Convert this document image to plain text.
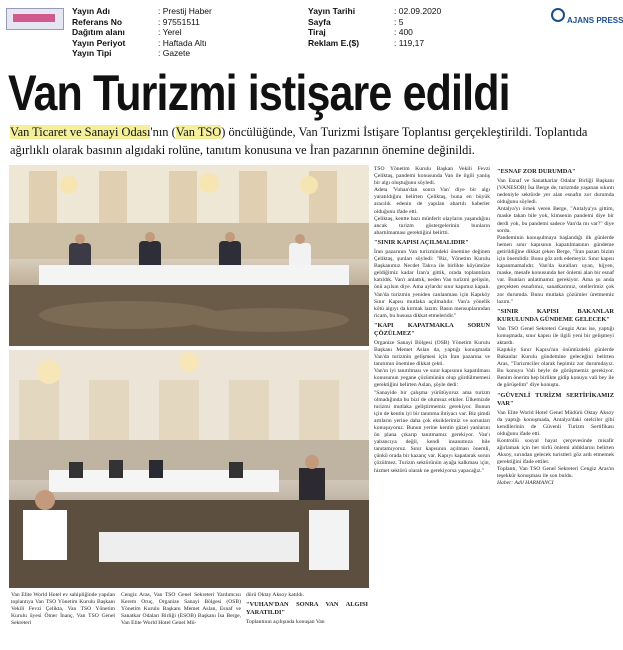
Yayın Adı	: Prestij Haber
Referans No	: 97551511
Dağıtım alanı	: Yerel
Yayın Periyot	: Haftada Altı
Yayın Tipi	: Gazete
Yayın Tarihi	: 02.09.2020
Sayfa	: 5
Tiraj	: 400
Reklam E.($)	: 119,17
AJANS PRESS
Van Turizmi istişare edildi
Van Ticaret ve Sanayi Odası'nın (Van TSO) öncülüğünde, Van Turizmi İstişare Toplantısı gerçekleştirildi. Toplantıda ağırlıklı olarak basının algıdaki rolüne, tanıtım konusuna ve İran pazarının önemine değinildi.
Van Elite World Hotel ev sahipliğinde yapılan toplantıya Van TSO Yönetim Kurulu Başkanı Vekili Fevzi Çelikta, Van TSO Yönetim Kurulu üyesi Ömer İnanç, Van TSO Genel Sekreteri
Cengiz Aras, Van TSO Genel Sekreteri Yardımcısı Kerem Oruç, Organize Sanayi Bölgesi (OSB) Yönetim Kurulu Başkanı Memet Aslan, Esnaf ve Sanatkar Odaları Birliği (ESOB) Başkanı İsa Berge, Van Elite World Hotel Genel Mü-
dürü Oktay Aksoy katıldı.
"VUHAN'DAN SONRA VAN ALGISI YARATILDI"
Toplantının açılışında konuşan Van
TSO Yönetim Kurulu Başkan Vekili Fevzi Çeliktaş, pandemi konusunda Van ile ilgili yanlış bir algı oluştuğunu söyledi.
Adeta 'Vuhan'dan sonra Van' diye bir algı yaratıldığını belirten Çeliktaş, buna en büyük aracılık edenin de yapılan abartılı haberler olduğunu ifade etti.
Çeliktaş, kentte bazı münferit olayların yaşandığını ancak turizm göstergelerinin bunların abartılmaması gerektiğini belirtti.
"SINIR KAPISI AÇILMALIDIR"
İran pazarının Van turizmindeki önemine değinen Çeliktaş, şunları söyledi: "Biz, Yönetim Kurulu Başkanımız Necdet Takva ile birlikte köyümüze geldiğimiz kadar İran'a gittik, orada toplantılara katıldık. Van'ı anlattık, neden Van turizmi gelişsin, önü açılsın diye. Ama aylardır sınır kapımız kapalı. Van'da turizmin yeniden canlanması için Kapıköy Sınır Kapısı mutlaka açılmalıdır. Van'a yönelik kötü algıyı da kırmak lazım. Basın mensuplarından ricam, bu hususa dikkat etmeleridir."
"KAPI KAPATMAKLA SORUN ÇÖZÜLMEZ"
Organize Sanayi Bölgesi (OSB) Yönetim Kurulu Başkanı Memet Aslan da, yaptığı konuşmada Van'da turizmin gelişmesi için İran pazarına ve tanıtımın önemine dikkat çekti.
Van'ın iyi tanıtılması ve sınır kapısının kapatılması konusunun yegane çözümünün olup gördülmemesi gerektiğini belirten Aslan, şöyle dedi:
"Sanayide bir çalışma yürütüyoruz ama turizm olmadığında bu bizi de olumsuz etkiler. Ülkemizde turizmi mutlaka geliştirmemiz gerekiyor. Bunun için de kentin iyi bir tanıtıma ihtiyacı var. Biz şimdi artıların yerine daha çok eksiklerimiz ve sorunları konuşuyoruz. Bunun yerine kentin güzel yanlarını ön plana çıkarıp tanıtmamız gerekiyor. Van'ı yabancıya değil, kendi insanımıza bile tanıtamıyoruz. Sınır kapısının açılması önemli, çünkü orada bir kazanç var. Kapıyı kapatarak sorun çözülmez. Turizm sektörünün ayağa kalkması için, hizmet sektörü olarak ne gerekiyorsa yapacağız."
"ESNAF ZOR DURUMDA"
Van Esnaf ve Sanatkarlar Odalar Birliği Başkanı (VANESOB) İsa Berge de, turizmde yaşanan sıkıntı nedeniyle sektörde yer alan esnafın zor durumda olduğunu söyledi.
Antalya'yı örnek veren Berge, "Antalya'ya gittim, maske takan bile yok, kimsenin pandemi diye bir derdi yok, bu pandemi sadece Van'da mı var?" diye sordu.
Pandeminin konuşulmaya başlandığı ilk günlerde hemen sınır kapısının kapatılmasının gündeme getirildiğine dikkat çeken Berge, "İran pazarı bizim için önemlidir. Bunu göz ardı edemeyiz. Sınır kapısı kapanmamalıdır. Van'da kuralları uyan, hijyen, maske, mesafe konusunda her önlemi alan bir esnaf var. Bunları anlatmamız gerekiyor. Ama şu anda gerçekten esnafımız, sanatkarımız, otellerimiz çok zor durumda. Bunu mutlaka çözümler üretmemiz lazım."
"SINIR KAPISI BAKANLAR KURULUNDA GÜNDEME GELECEK"
Van TSO Genel Sekreteri Cengiz Aras ise, yaptığı konuşmada, sınır kapısı ile ilgili yeni bir gelişmeyi aktardı.
Kapıköy Sınır Kapısı'nın önümüzdeki günlerde Bakanlar Kurulu gündemine geleceğini belirten Aras, "Turizmciler olarak hepimiz zor durumdayız. Bu konuyu Vali beyle de görüşmemiz gerekiyor. Benim önerim hep birlikte gidip konuyu vali bey ile de görüşelim" diye konuştu.
"GÜVENLİ TURİZM SERTİFİKAMIZ VAR"
Van Elite World Hotel Genel Müdürü Oktay Aksoy da yaptığı konuşmada, Antalya'daki otelciler gibi kendilerinin de Güvenli Turizm Sertifikası olduğunu ifade etti.
Kontrollü sosyal hayat çerçevesinde misafir ağırlamak için her türlü önlemi aldıklarını belirten Aksoy, sırından gelecek turistleri göz ardı etmemek gerektiğini ifade ettiler.
Toplantı, Van TSO Genel Sekreteri Cengiz Aras'ın teşekkür konuşması ile son buldu.
Haber: Adil HARMANCI
